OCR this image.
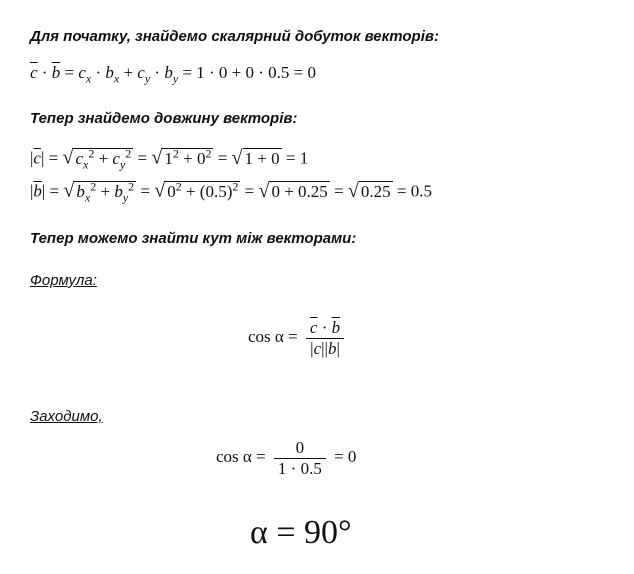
Для початку, знайдемо скалярний добуток векторів:
$\overline{c} \cdot \overline{b} = c_x \cdot b_x + c_y \cdot b_y = 1 \cdot 0 + 0 \cdot 0.5 = 0$
Тепер знайдемо довжину векторів:
$|\overline{c}|$ = √ $c_x^2 + c_y^2$ = √ $1^2 + 0^2$ = √ 1 + 0 = 1
$|\overline{b}|$ = √ $b_x^2 + b_y^2$ = √ $0^2 + (0.5)^2$ = √ 0 + 0.25 = √ 0.25 = 0.5
Тепер можемо знайти кут між векторами:
Формула:
$\cos \alpha = \frac{\overline{c} \cdot \overline{b}}{|\overline{c}||\overline{b}|}$
Заходимо,
$\cos \alpha = \frac{0}{1 \cdot 0.5} = 0$
α = 90°
